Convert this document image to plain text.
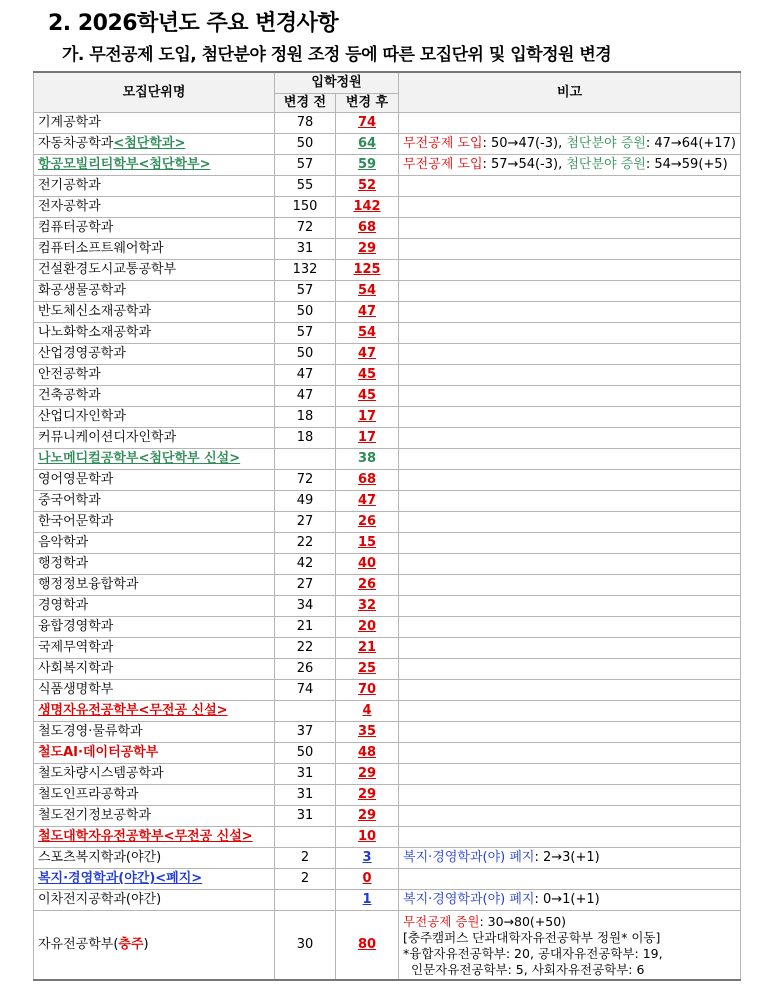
2. 2026학년도 주요 변경사항
가. 무전공제 도입, 첨단분야 정원 조정 등에 따른 모집단위 및 입학정원 변경
모집단위명	입학정원		비고
	변경 전	변경 후	
기계공학과	78	74	
자동차공학과<첨단학과>	50	64	무전공제 도입: 50→47(-3), 첨단분야 증원: 47→64(+17)
항공모빌리티학부<첨단학부>	57	59	무전공제 도입: 57→54(-3), 첨단분야 증원: 54→59(+5)
전기공학과	55	52	
전자공학과	150	142	
컴퓨터공학과	72	68	
컴퓨터소프트웨어학과	31	29	
건설환경도시교통공학부	132	125	
화공생물공학과	57	54	
반도체신소재공학과	50	47	
나노화학소재공학과	57	54	
산업경영공학과	50	47	
안전공학과	47	45	
건축공학과	47	45	
산업디자인학과	18	17	
커뮤니케이션디자인학과	18	17	
나노메디컬공학부<첨단학부 신설>		38	
영어영문학과	72	68	
중국어학과	49	47	
한국어문학과	27	26	
음악학과	22	15	
행정학과	42	40	
행정정보융합학과	27	26	
경영학과	34	32	
융합경영학과	21	20	
국제무역학과	22	21	
사회복지학과	26	25	
식품생명학부	74	70	
생명자유전공학부<무전공 신설>		4	
철도경영·물류학과	37	35	
철도AI·데이터공학부	50	48	
철도차량시스템공학과	31	29	
철도인프라공학과	31	29	
철도전기정보공학과	31	29	
철도대학자유전공학부<무전공 신설>		10	
스포츠복지학과(야간)	2	3	복지·경영학과(야) 폐지: 2→3(+1)
복지·경영학과(야간)<폐지>	2	0	
이차전지공학과(야간)		1	복지·경영학과(야) 폐지: 0→1(+1)
자유전공학부(충주)	30	80	무전공제 증원: 30→80(+50)
[충주캠퍼스 단과대학자유전공학부 정원* 이동]
*융합자유전공학부: 20, 공대자유전공학부: 19,
인문자유전공학부: 5, 사회자유전공학부: 6
